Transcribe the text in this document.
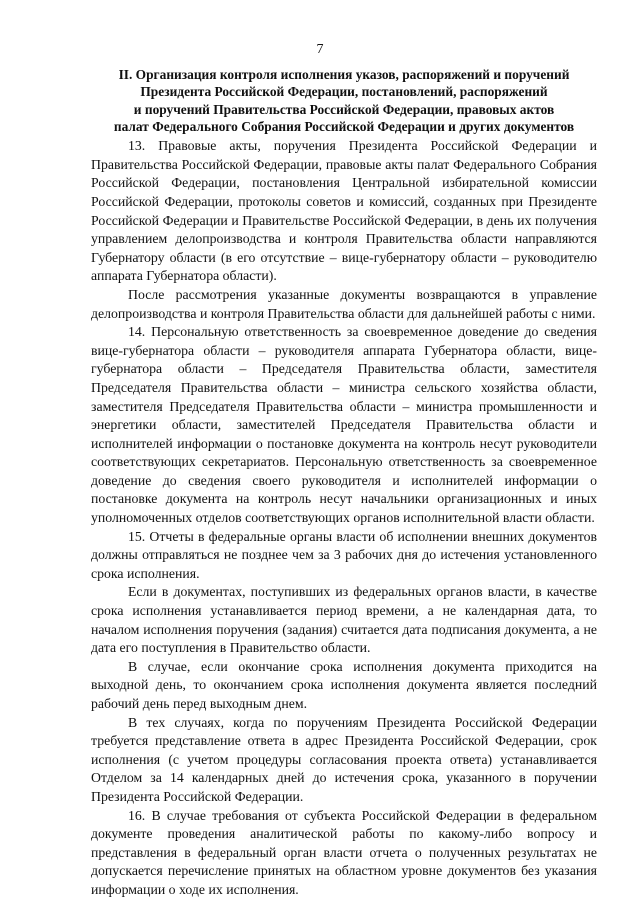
7
II. Организация контроля исполнения указов, распоряжений и поручений
Президента Российской Федерации, постановлений, распоряжений
и поручений Правительства Российской Федерации, правовых актов
палат Федерального Собрания Российской Федерации и других документов

13. Правовые акты, поручения Президента Российской Федерации и Правительства Российской Федерации, правовые акты палат Федерального Собрания Российской Федерации, постановления Центральной избирательной комиссии Российской Федерации, протоколы советов и комиссий, созданных при Президенте Российской Федерации и Правительстве Российской Федерации, в день их получения управлением делопроизводства и контроля Правительства области направляются Губернатору области (в его отсутствие – вице-губернатору области – руководителю аппарата Губернатора области).

После рассмотрения указанные документы возвращаются в управление делопроизводства и контроля Правительства области для дальнейшей работы с ними.

14. Персональную ответственность за своевременное доведение до сведения вице-губернатора области – руководителя аппарата Губернатора области, вице-губернатора области – Председателя Правительства области, заместителя Председателя Правительства области – министра сельского хозяйства области, заместителя Председателя Правительства области – министра промышленности и энергетики области, заместителей Председателя Правительства области и исполнителей информации о постановке документа на контроль несут руководители соответствующих секретариатов. Персональную ответственность за своевременное доведение до сведения своего руководителя и исполнителей информации о постановке документа на контроль несут начальники организационных и иных уполномоченных отделов соответствующих органов исполнительной власти области.

15. Отчеты в федеральные органы власти об исполнении внешних документов должны отправляться не позднее чем за 3 рабочих дня до истечения установленного срока исполнения.

Если в документах, поступивших из федеральных органов власти, в качестве срока исполнения устанавливается период времени, а не календарная дата, то началом исполнения поручения (задания) считается дата подписания документа, а не дата его поступления в Правительство области.

В случае, если окончание срока исполнения документа приходится на выходной день, то окончанием срока исполнения документа является последний рабочий день перед выходным днем.

В тех случаях, когда по поручениям Президента Российской Федерации требуется представление ответа в адрес Президента Российской Федерации, срок исполнения (с учетом процедуры согласования проекта ответа) устанавливается Отделом за 14 календарных дней до истечения срока, указанного в поручении Президента Российской Федерации.

16. В случае требования от субъекта Российской Федерации в федеральном документе проведения аналитической работы по какому-либо вопросу и представления в федеральный орган власти отчета о полученных результатах не допускается перечисление принятых на областном уровне документов без указания информации о ходе их исполнения.
